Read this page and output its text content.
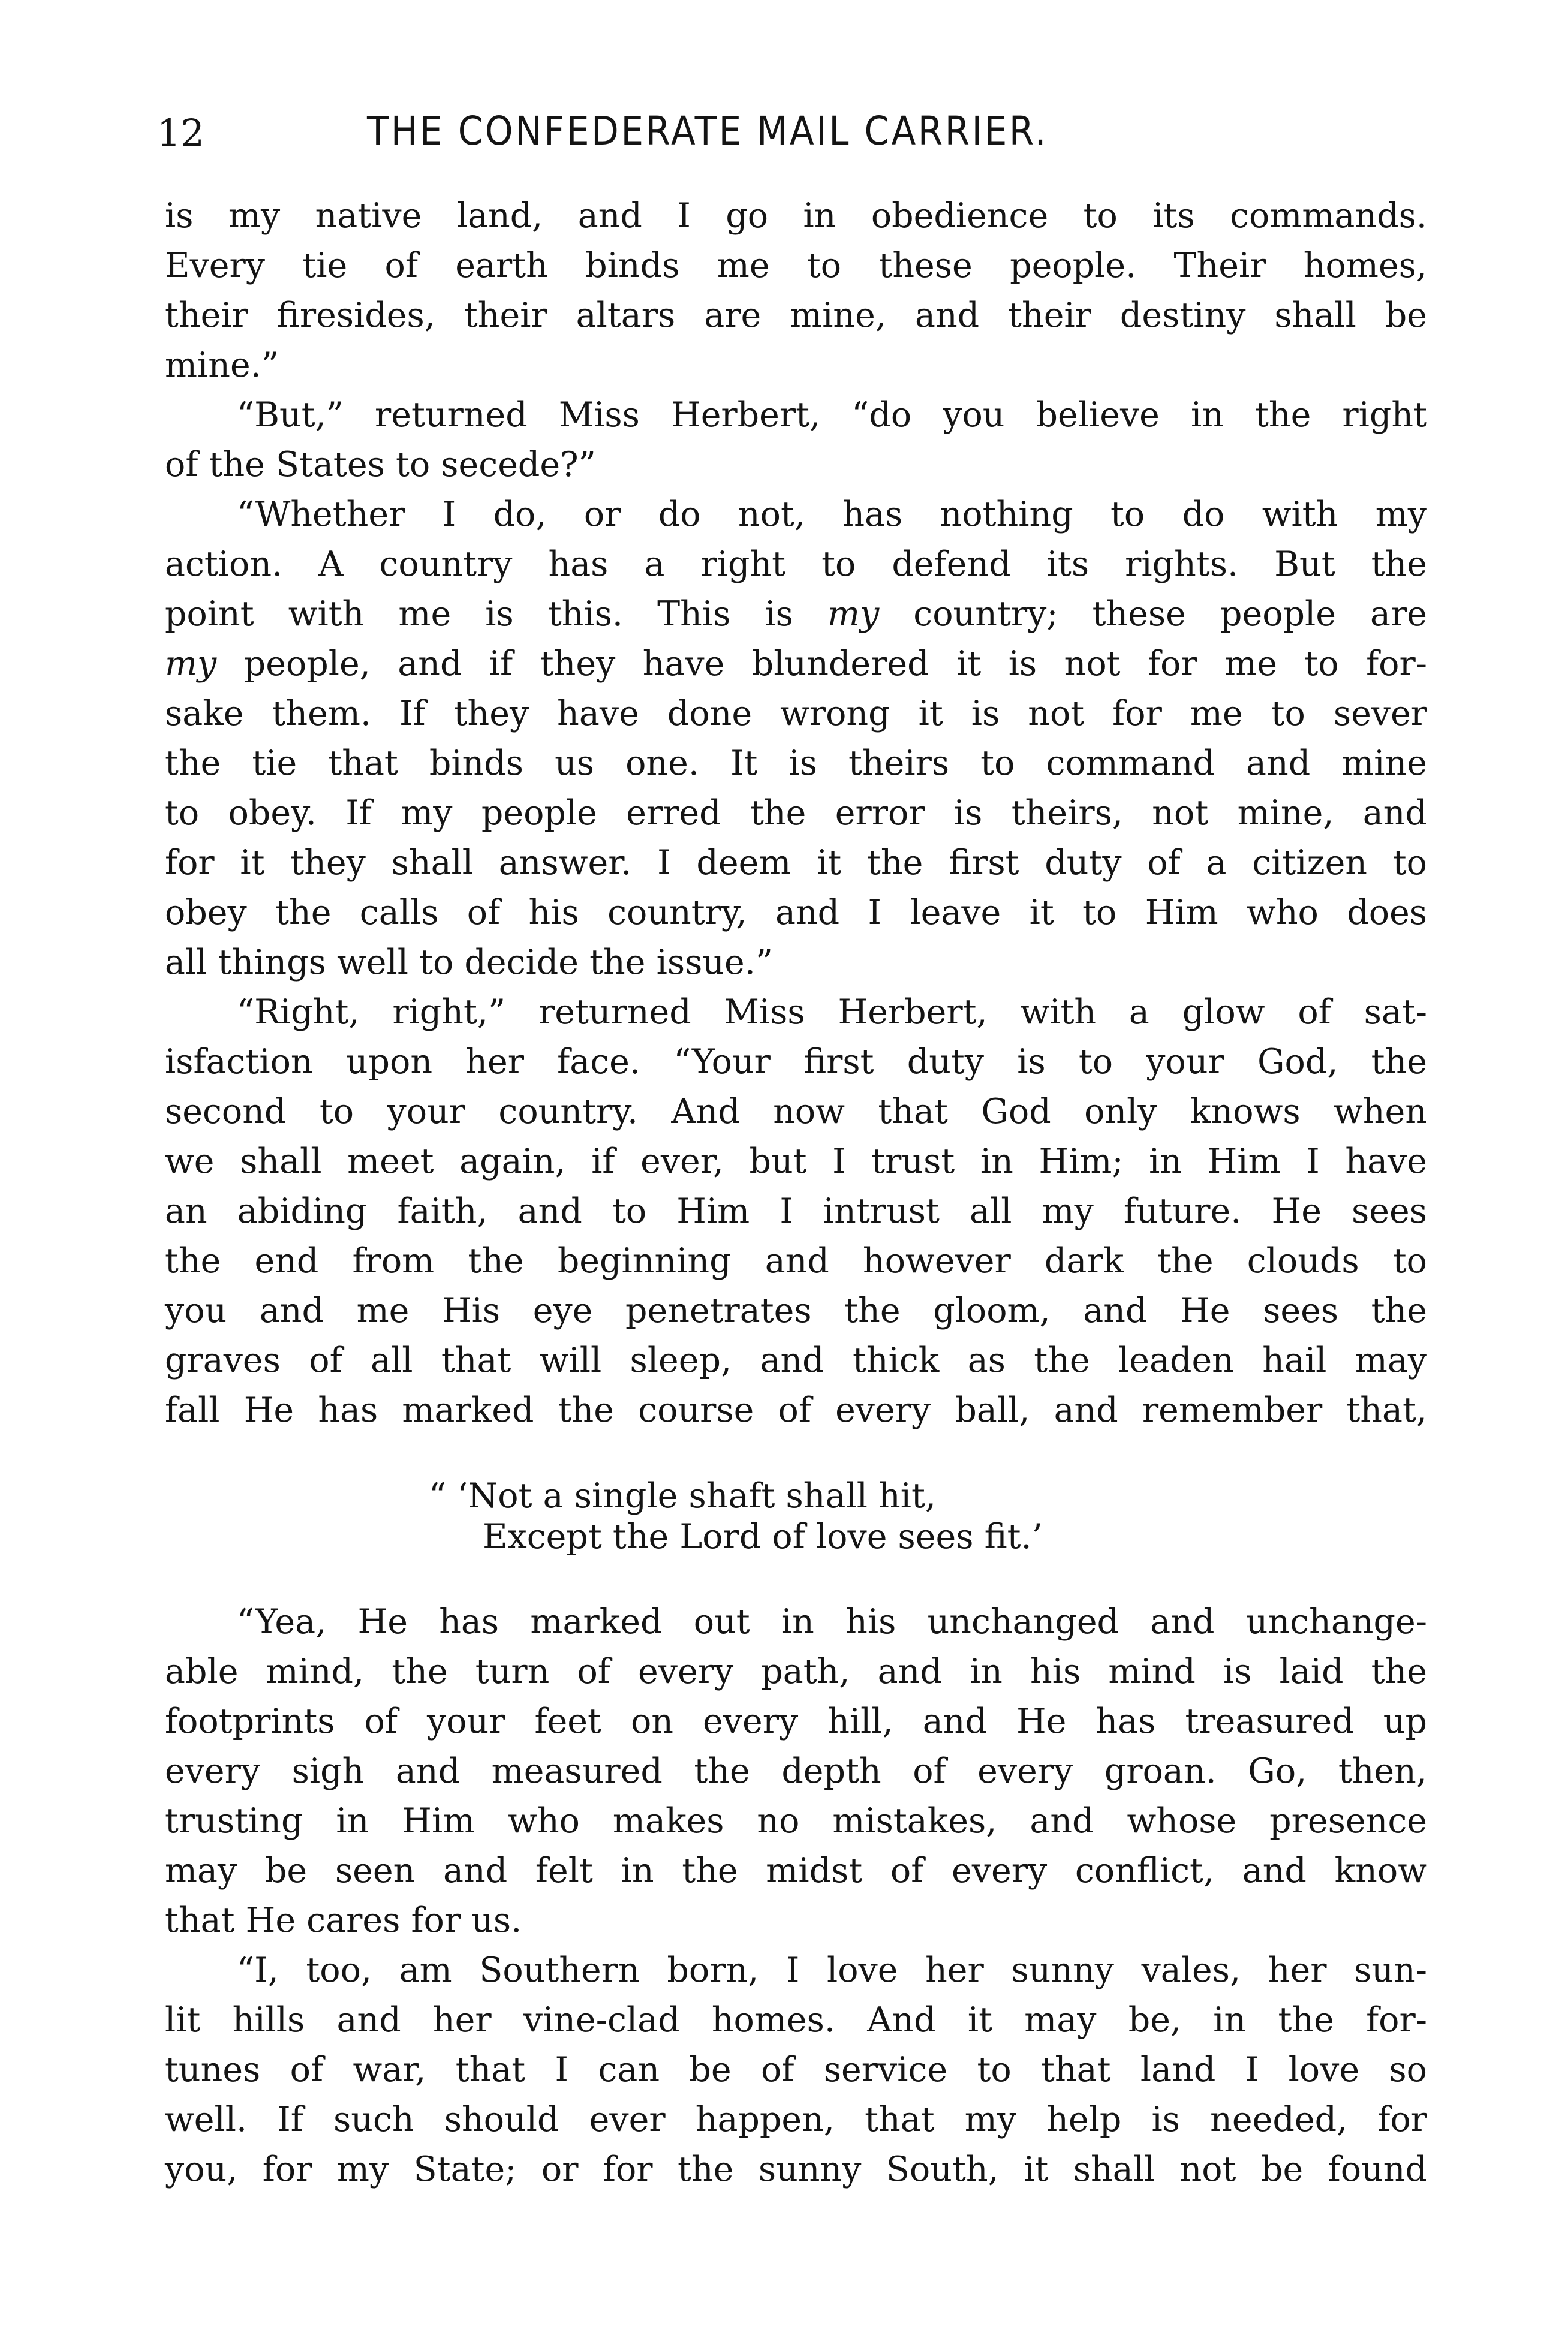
12	THE CONFEDERATE MAIL CARRIER.
is my native land, and I go in obedience to its commands.
Every tie of earth binds me to these people. Their homes,
their firesides, their altars are mine, and their destiny shall be
mine.”
“But,” returned Miss Herbert, “do you believe in the right
of the States to secede?”
“Whether I do, or do not, has nothing to do with my
action. A country has a right to defend its rights. But the
point with me is this. This is my country; these people are
my people, and if they have blundered it is not for me to for-
sake them. If they have done wrong it is not for me to sever
the tie that binds us one. It is theirs to command and mine
to obey. If my people erred the error is theirs, not mine, and
for it they shall answer. I deem it the first duty of a citizen to
obey the calls of his country, and I leave it to Him who does
all things well to decide the issue.”
“Right, right,” returned Miss Herbert, with a glow of sat-
isfaction upon her face. “Your first duty is to your God, the
second to your country. And now that God only knows when
we shall meet again, if ever, but I trust in Him; in Him I have
an abiding faith, and to Him I intrust all my future. He sees
the end from the beginning and however dark the clouds to
you and me His eye penetrates the gloom, and He sees the
graves of all that will sleep, and thick as the leaden hail may
fall He has marked the course of every ball, and remember that,
“ ‘Not a single shaft shall hit,
Except the Lord of love sees fit.’
“Yea, He has marked out in his unchanged and unchange-
able mind, the turn of every path, and in his mind is laid the
footprints of your feet on every hill, and He has treasured up
every sigh and measured the depth of every groan. Go, then,
trusting in Him who makes no mistakes, and whose presence
may be seen and felt in the midst of every conflict, and know
that He cares for us.
“I, too, am Southern born, I love her sunny vales, her sun-
lit hills and her vine-clad homes. And it may be, in the for-
tunes of war, that I can be of service to that land I love so
well. If such should ever happen, that my help is needed, for
you, for my State; or for the sunny South, it shall not be found
